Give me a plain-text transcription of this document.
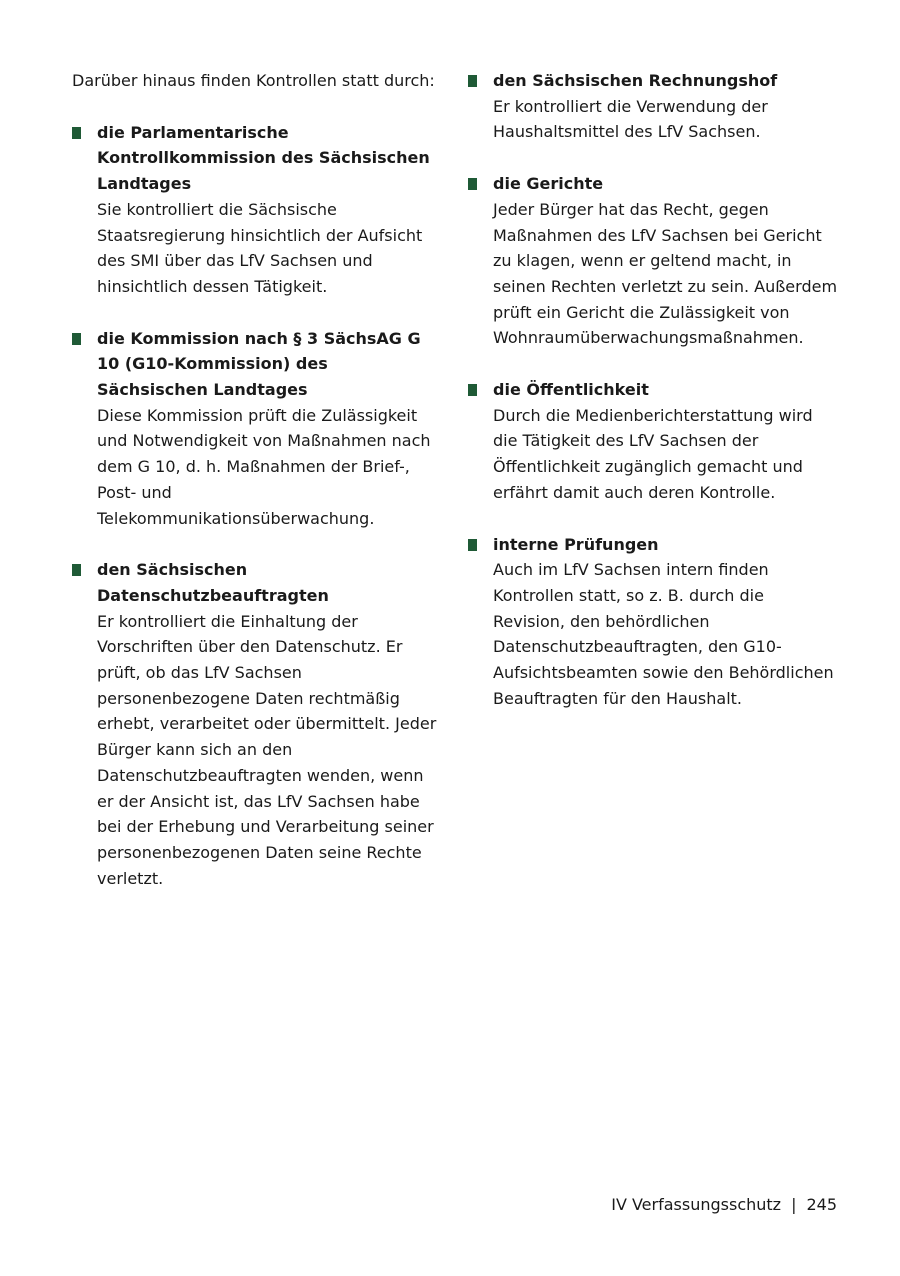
Darüber hinaus finden Kontrollen statt durch:

die Parlamentarische Kontrollkommission des Sächsischen Landtages
Sie kontrolliert die Sächsische Staatsregierung hinsichtlich der Aufsicht des SMI über das LfV Sachsen und hinsichtlich dessen Tätigkeit.
die Kommission nach § 3 SächsAG G 10 (G10-Kommission) des Sächsischen Landtages
Diese Kommission prüft die Zulässigkeit und Notwendigkeit von Maßnahmen nach dem G 10, d. h. Maßnahmen der Brief-, Post- und Telekommunikationsüberwachung.
den Sächsischen Datenschutzbeauftragten
Er kontrolliert die Einhaltung der Vorschriften über den Datenschutz. Er prüft, ob das LfV Sachsen personenbezogene Daten rechtmäßig erhebt, verarbeitet oder übermittelt. Jeder Bürger kann sich an den Datenschutzbeauftragten wenden, wenn er der Ansicht ist, das LfV Sachsen habe bei der Erhebung und Verarbeitung seiner personenbezogenen Daten seine Rechte verletzt.
den Sächsischen Rechnungshof
Er kontrolliert die Verwendung der Haushaltsmittel des LfV Sachsen.
die Gerichte
Jeder Bürger hat das Recht, gegen Maßnahmen des LfV Sachsen bei Gericht zu klagen, wenn er geltend macht, in seinen Rechten verletzt zu sein. Außerdem prüft ein Gericht die Zulässigkeit von Wohnraumüberwachungsmaßnahmen.
die Öffentlichkeit
Durch die Medienberichterstattung wird die Tätigkeit des LfV Sachsen der Öffentlichkeit zugänglich gemacht und erfährt damit auch deren Kontrolle.
interne Prüfungen
Auch im LfV Sachsen intern finden Kontrollen statt, so z. B. durch die Revision, den behördlichen Datenschutzbeauftragten, den G10-Aufsichtsbeamten sowie den Behördlichen Beauftragten für den Haushalt.
IV Verfassungsschutz | 245
